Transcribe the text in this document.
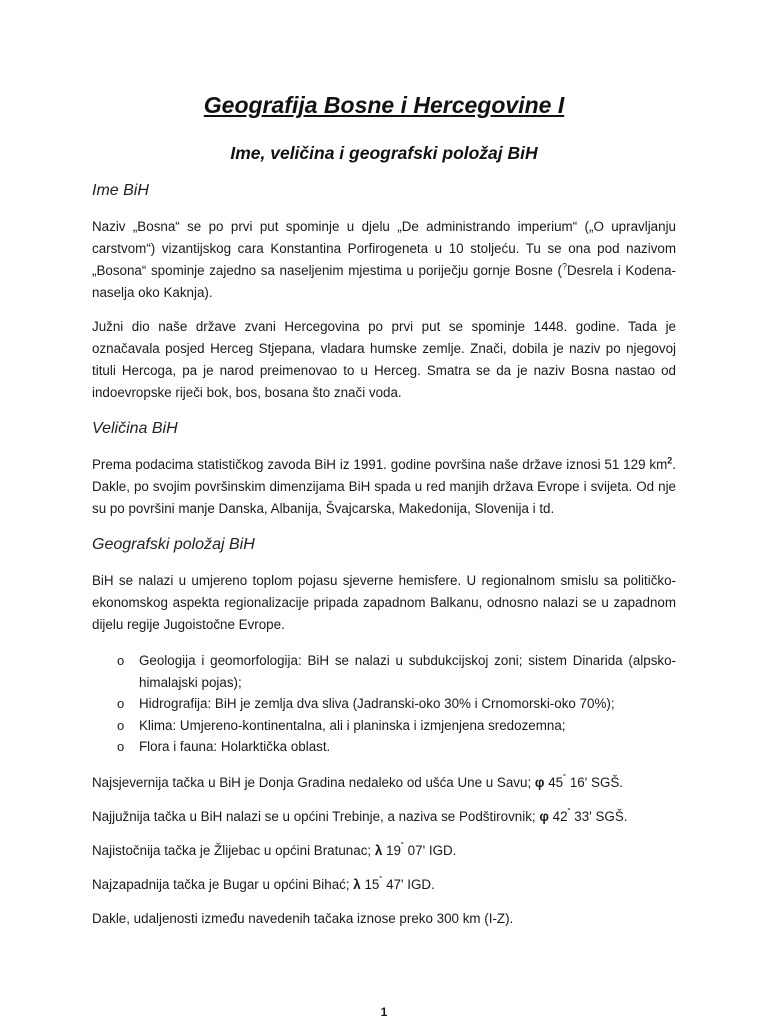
Geografija Bosne i Hercegovine I
Ime, veličina i geografski položaj BiH
Ime BiH

Naziv „Bosna“ se po prvi put spominje u djelu „De administrando imperium“ („O upravljanju carstvom“) vizantijskog cara Konstantina Porfirogeneta u 10 stoljeću. Tu se ona pod nazivom „Bosona“ spominje zajedno sa naseljenim mjestima u poriječju gornje Bosne (?Desrela i Kodena-naselja oko Kaknja).

Južni dio naše države zvani Hercegovina po prvi put se spominje 1448. godine. Tada je označavala posjed Herceg Stjepana, vladara humske zemlje. Znači, dobila je naziv po njegovoj tituli Hercoga, pa je narod preimenovao to u Herceg. Smatra se da je naziv Bosna nastao od indoevropske riječi bok, bos, bosana što znači voda.

Veličina BiH

Prema podacima statističkog zavoda BiH iz 1991. godine površina naše države iznosi 51 129 $km^2$. Dakle, po svojim površinskim dimenzijama BiH spada u red manjih država Evrope i svijeta. Od nje su po površini manje Danska, Albanija, Švajcarska, Makedonija, Slovenija i td.

Geografski položaj BiH

BiH se nalazi u umjereno toplom pojasu sjeverne hemisfere. U regionalnom smislu sa političko-ekonomskog aspekta regionalizacije pripada zapadnom Balkanu, odnosno nalazi se u zapadnom dijelu regije Jugoistočne Evrope.

o Geologija i geomorfologija: BiH se nalazi u subdukcijskoj zoni; sistem Dinarida (alpsko-himalajski pojas);
o Hidrografija: BiH je zemlja dva sliva (Jadranski-oko 30% i Crnomorski-oko 70%);
o Klima: Umjereno-kontinentalna, ali i planinska i izmjenjena sredozemna;
o Flora i fauna: Holarktička oblast.

Najsjevernija tačka u BiH je Donja Gradina nedaleko od ušća Une u Savu; φ 45˚ 16' SGŠ.

Najjužnija tačka u BiH nalazi se u općini Trebinje, a naziva se Podštirovnik; φ 42˚ 33' SGŠ.

Najistočnija tačka je Žlijebac u općini Bratunac; λ 19˚ 07' IGD.

Najzapadnija tačka je Bugar u općini Bihać; λ 15˚ 47' IGD.

Dakle, udaljenosti između navedenih tačaka iznose preko 300 km (I-Z).

1
